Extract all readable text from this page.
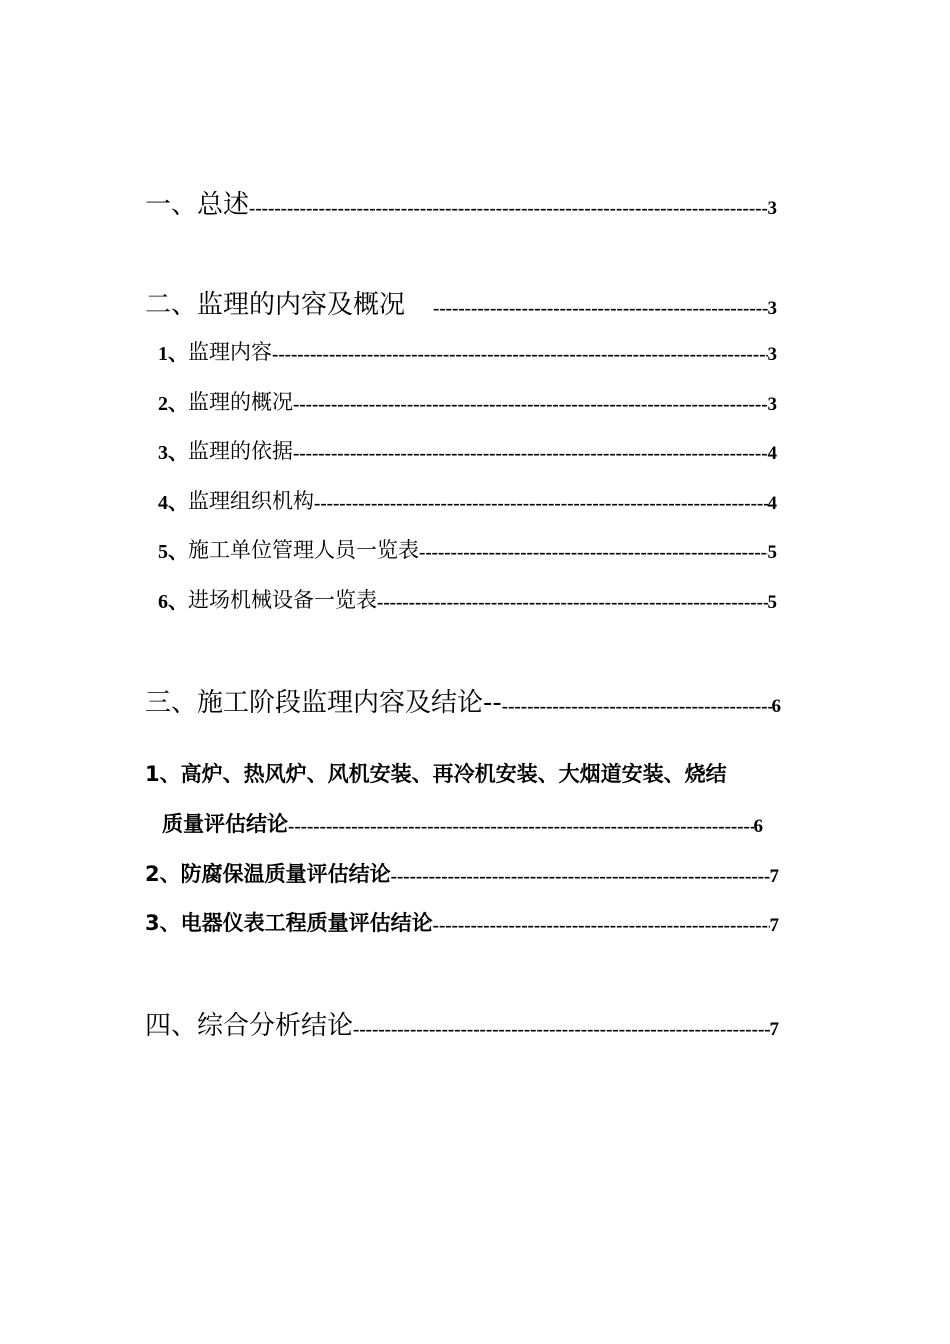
一、 总述 -----	3
二、 监理的内容及概况 -----	3
1、 监理内容 -----	3
2、 监理的概况 -----	3
3、 监理的依据 -----	4
4、 监理组织机构 -----	4
5、 施工单位管理人员一览表 -----	5
6、 进场机械设备一览表 -----	5
三、 施工阶段监理内容及结论-- -----	6
1、高炉、热风炉、风机安装、再冷机安装、大烟道安装、烧结
质量评估结论 -----	6
2、防腐保温质量评估结论 -----	7
3、电器仪表工程质量评估结论 -----	7
四、综合分析结论 -----	7
